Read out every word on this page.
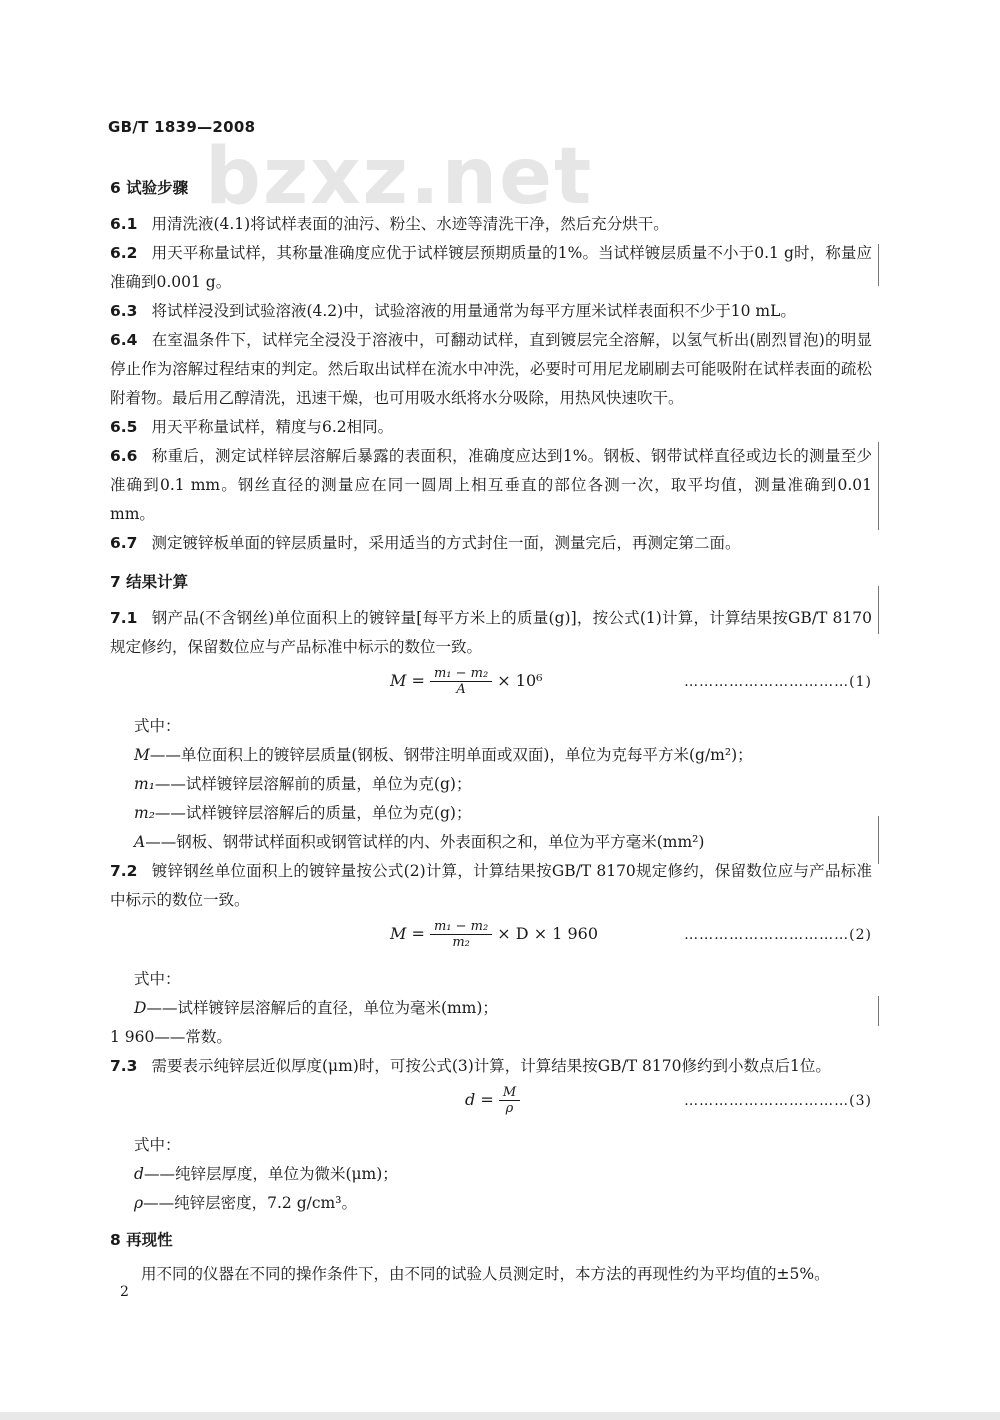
bzxz.net
GB/T 1839—2008

6 试验步骤

6.1 用清洗液(4.1)将试样表面的油污、粉尘、水迹等清洗干净，然后充分烘干。

6.2 用天平称量试样，其称量准确度应优于试样镀层预期质量的1%。当试样镀层质量不小于0.1 g时，称量应准确到0.001 g。

6.3 将试样浸没到试验溶液(4.2)中，试验溶液的用量通常为每平方厘米试样表面积不少于10 mL。

6.4 在室温条件下，试样完全浸没于溶液中，可翻动试样，直到镀层完全溶解，以氢气析出(剧烈冒泡)的明显停止作为溶解过程结束的判定。然后取出试样在流水中冲洗，必要时可用尼龙刷刷去可能吸附在试样表面的疏松附着物。最后用乙醇清洗，迅速干燥，也可用吸水纸将水分吸除，用热风快速吹干。

6.5 用天平称量试样，精度与6.2相同。

6.6 称重后，测定试样锌层溶解后暴露的表面积，准确度应达到1%。钢板、钢带试样直径或边长的测量至少准确到0.1 mm。钢丝直径的测量应在同一圆周上相互垂直的部位各测一次，取平均值，测量准确到0.01 mm。

6.7 测定镀锌板单面的锌层质量时，采用适当的方式封住一面，测量完后，再测定第二面。

7 结果计算

7.1 钢产品(不含钢丝)单位面积上的镀锌量[每平方米上的质量(g)]，按公式(1)计算，计算结果按GB/T 8170规定修约，保留数位应与产品标准中标示的数位一致。

$M = \frac{\text{m₁ − m₂}}{A} \times 10^6$	……………………………(1)

式中：

M——单位面积上的镀锌层质量(钢板、钢带注明单面或双面)，单位为克每平方米(g/m²)；

m₁——试样镀锌层溶解前的质量，单位为克(g)；

m₂——试样镀锌层溶解后的质量，单位为克(g)；

A——钢板、钢带试样面积或钢管试样的内、外表面积之和，单位为平方毫米(mm²)

7.2 镀锌钢丝单位面积上的镀锌量按公式(2)计算，计算结果按GB/T 8170规定修约，保留数位应与产品标准中标示的数位一致。

$M = \frac{\text{m₁ − m₂}}{\text{m₂}} \times D \times 1$ 960	……………………………(2)

式中：

D——试样镀锌层溶解后的直径，单位为毫米(mm)；

1 960——常数。

7.3 需要表示纯锌层近似厚度(μm)时，可按公式(3)计算，计算结果按GB/T 8170修约到小数点后1位。

$d = \frac{M}{\rho}$	……………………………(3)

式中：

d——纯锌层厚度，单位为微米(μm)；

ρ——纯锌层密度，7.2 g/cm³。

8 再现性

用不同的仪器在不同的操作条件下，由不同的试验人员测定时，本方法的再现性约为平均值的±5%。

2
